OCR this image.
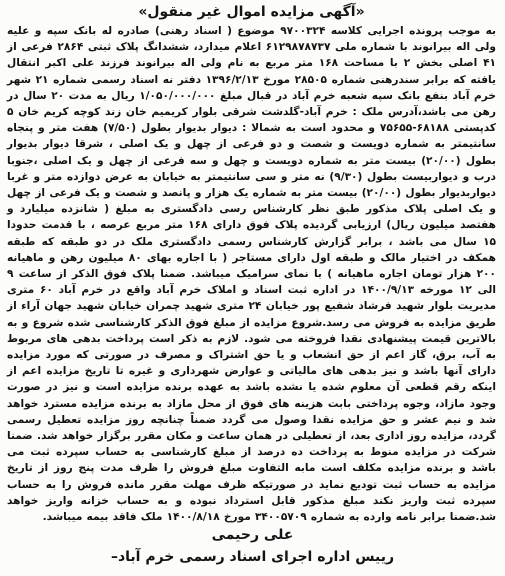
«آگهی مزایده اموال غیر منقول»

به موجب پرونده اجرایی کلاسه ۹۷۰۰۳۲۴ موضوع ( اسناد رهنی) صادره له بانک سپه و علیه ولی اله بیرانوند با شماره ملی ۶۱۲۹۸۷۸۷۳۷ اعلام میدارد، ششدانگ پلاک ثبتی ۲۸۶۴ فرعی از ۴۱ اصلی بخش ۲ با مساحت ۱۶۸ متر مربع به نام ولی اله بیرانوند فرزند علی اکبر انتقال یافته که برابر سندرهنی شماره ۲۸۵۰۵ مورخ ۱۳۹۶/۲/۱۳ دفتر نه اسناد رسمی شماره ۲۱ شهر خرم آباد بنفع بانک سپه شعبه خرم آباد در قبال مبلغ ۱/۰۵۰/۰۰۰/۰۰۰ ریال به مدت ۲۰ سال در رهن می باشد،آدرس ملک : خرم آباد-گلدشت شرقی بلوار کریمیم خان زند کوچه کریم خان ۵ کدپستی ۶۸۱۸۸-۷۵۶۵۵ و محدود است به شمالا : دیوار بدیوار بطول (۷/۵۰) هفت متر و پنجاه سانتیمتر به شماره دویست و شصت و دو فرعی از چهل و یک اصلی ، شرقا دیوار بدیوار بطول (۲۰/۰۰) بیست متر به شماره دویست و چهل و سه فرعی از چهل و یک اصلی ،جنوبا درب و دیواربیست بطول (۹/۳۰) نه متر و سی سانتیمتر به خیابان به عرض دوازده متر و غربا دیواربدیوار بطول (۲۰/۰۰) بیست متر به شماره یک هزار و پانصد و شصت و یک فرعی از چهل و یک اصلی پلاک مذکور طبق نظر کارشناس رسی دادگستری به مبلغ ( شانزده میلیارد و هفتصد میلیون ریال) ارزیابی گردیده پلاک فوق دارای ۱۶۸ متر مربع عرصه ، با قدمت حدودا ۱۵ سال می باشد ، برابر گزارش کارشناس رسمی دادگستری ملک در دو طبقه که طبقه همکف در اختیار مالک و طبقه اول دارای مستاجر ( با اجاره بهای ۸۰ میلیون رهن و ماهیانه ۲۰۰ هزار تومان اجاره ماهیانه ) با نمای سرامیک میباشد. ضمنا پلاک فوق الذکر از ساعت ۹ الی ۱۲ مورخه ۱۴۰۰/۹/۱۳ در اداره ثبت اسناد و املاک خرم آباد واقع در خرم آباد ۶۰ متری مدیریت بلوار شهید فرشاد شفیع پور خیابان ۲۴ متری شهید چمران خیابان شهید جهان آراء از طریق مزایده به فروش می رسد.شروع مزایده از مبلغ فوق الذکر کارشناسی شده شروع و به بالاترین قیمت پیشنهادی نقدا فروخته می شود. لازم به ذکر است پرداخت بدهی های مربوط به آب، برق، گاز اعم از حق انشعاب و یا حق اشتراک و مصرف در صورتی که مورد مزایده دارای آنها باشد و نیز بدهی های مالیاتی و عوارض شهرداری و غیره تا تاریخ مزایده اعم از اینکه رقم قطعی آن معلوم شده یا نشده باشد به عهده برنده مزایده است و نیز در صورت وجود مازاد، وجوه پرداختی بابت هزینه های فوق از محل مازاد به برنده مزایده مسترد خواهد شد و نیم عشر و حق مزایده نقدا وصول می گردد ضمناً چنانچه روز مزایده تعطیل رسمی گردد، مزایده روز اداری بعد، از تعطیلی در همان ساعت و مکان مقرر برگزار خواهد شد. ضمنا شرکت در مزایده منوط به پرداخت ده درصد از مبلغ کارشناسی به حساب سپرده ثبت می باشد و برنده مزایده مکلف است مابه التفاوت مبلغ فروش را ظرف مدت پنج روز از تاریخ مزایده به حساب ثبت تودیع نماید در صورتیکه ظرف مهلت مقرر مانده فروش را به حساب سپرده ثبت واریز نکند مبلغ مذکور قابل استرداد نبوده و به حساب خزانه واریز خواهد شد.ضمنا برابر نامه وارده به شماره ۳۴۰۰۵۷۰۹ مورخ ۱۴۰۰/۸/۱۸ ملک فاقد بیمه میباشد.

علی رحیمی
–رییس اداره اجرای اسناد رسمی خرم آباد
